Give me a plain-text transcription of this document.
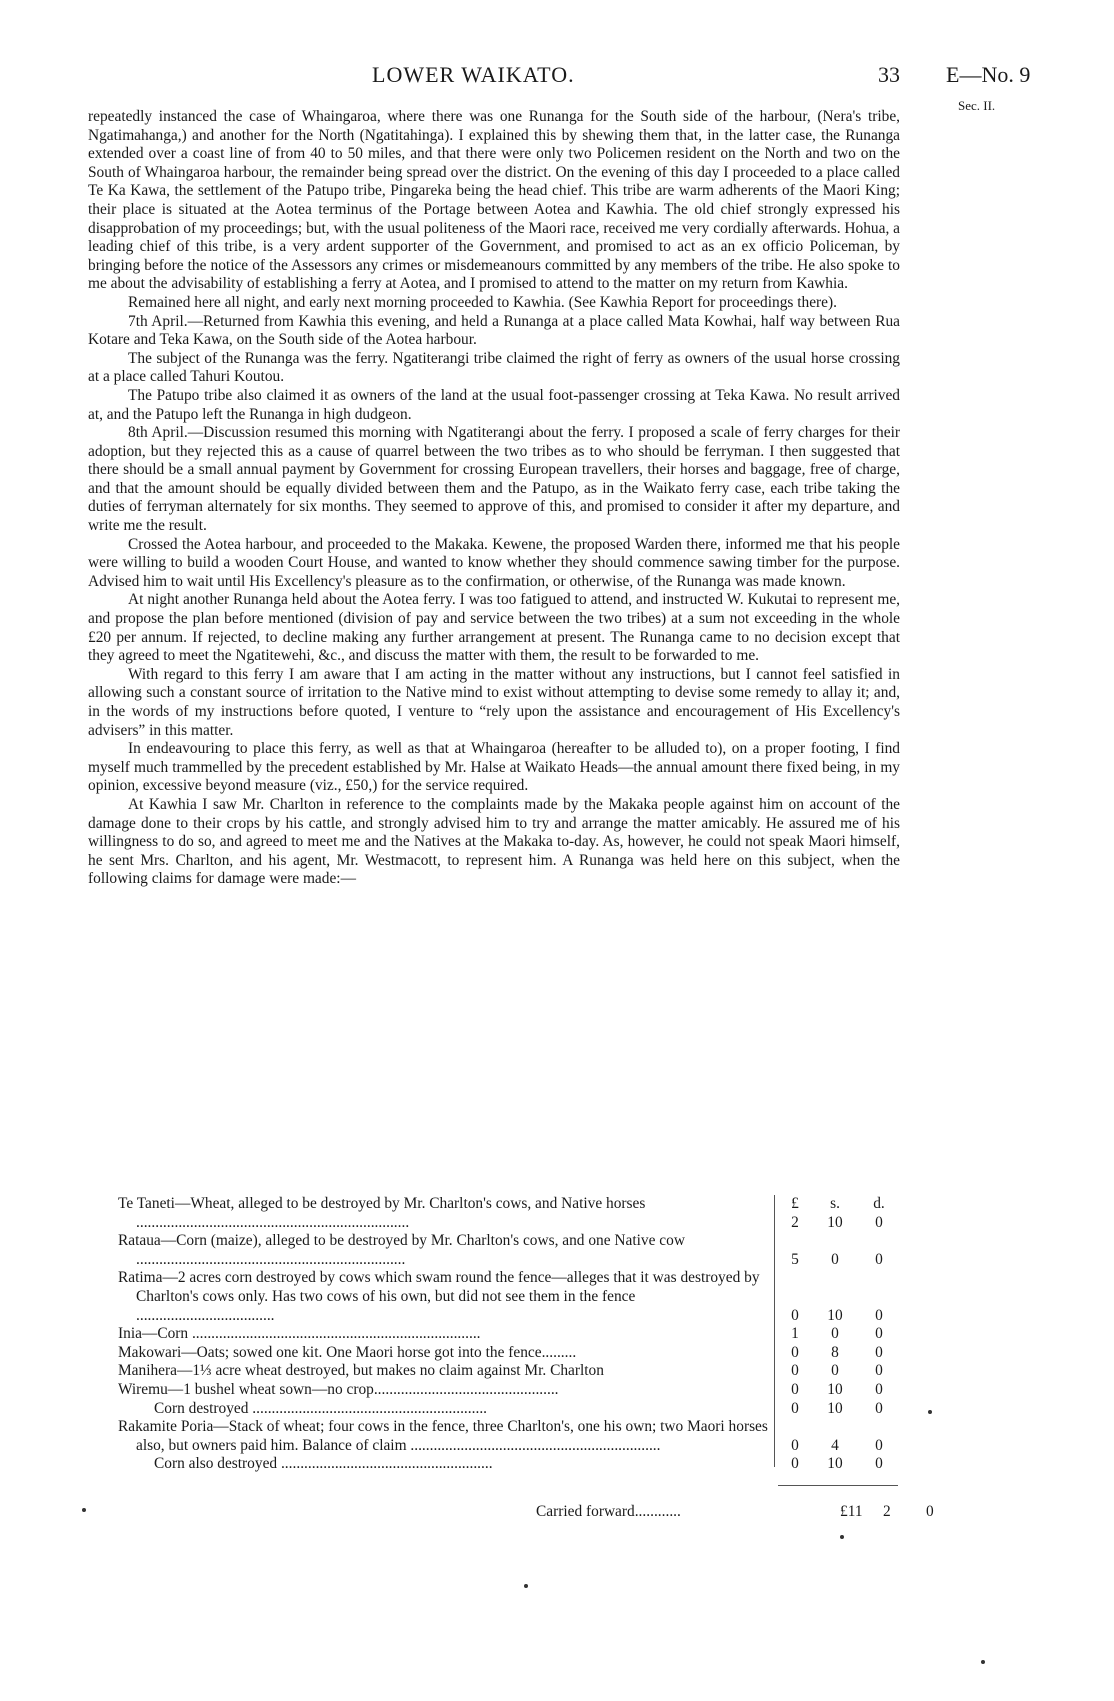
LOWER WAIKATO.	33 E—No. 9
Sec. II.

repeatedly instanced the case of Whaingaroa, where there was one Runanga for the South side of the harbour, (Nera's tribe, Ngatimahanga,) and another for the North (Ngatitahinga). I explained this by shewing them that, in the latter case, the Runanga extended over a coast line of from 40 to 50 miles, and that there were only two Policemen resident on the North and two on the South of Whaingaroa harbour, the remainder being spread over the district. On the evening of this day I proceeded to a place called Te Ka Kawa, the settlement of the Patupo tribe, Pingareka being the head chief. This tribe are warm adherents of the Maori King; their place is situated at the Aotea terminus of the Portage between Aotea and Kawhia. The old chief strongly expressed his disapprobation of my proceedings; but, with the usual politeness of the Maori race, received me very cordially afterwards. Hohua, a leading chief of this tribe, is a very ardent supporter of the Government, and promised to act as an ex officio Policeman, by bringing before the notice of the Assessors any crimes or misdemeanours committed by any members of the tribe. He also spoke to me about the advisability of establishing a ferry at Aotea, and I promised to attend to the matter on my return from Kawhia.

Remained here all night, and early next morning proceeded to Kawhia. (See Kawhia Report for proceedings there).

7th April.—Returned from Kawhia this evening, and held a Runanga at a place called Mata Kowhai, half way between Rua Kotare and Teka Kawa, on the South side of the Aotea harbour.

The subject of the Runanga was the ferry. Ngatiterangi tribe claimed the right of ferry as owners of the usual horse crossing at a place called Tahuri Koutou.

The Patupo tribe also claimed it as owners of the land at the usual foot-passenger crossing at Teka Kawa. No result arrived at, and the Patupo left the Runanga in high dudgeon.

8th April.—Discussion resumed this morning with Ngatiterangi about the ferry. I proposed a scale of ferry charges for their adoption, but they rejected this as a cause of quarrel between the two tribes as to who should be ferryman. I then suggested that there should be a small annual payment by Government for crossing European travellers, their horses and baggage, free of charge, and that the amount should be equally divided between them and the Patupo, as in the Waikato ferry case, each tribe taking the duties of ferryman alternately for six months. They seemed to approve of this, and promised to consider it after my departure, and write me the result.

Crossed the Aotea harbour, and proceeded to the Makaka. Kewene, the proposed Warden there, informed me that his people were willing to build a wooden Court House, and wanted to know whether they should commence sawing timber for the purpose. Advised him to wait until His Excellency's pleasure as to the confirmation, or otherwise, of the Runanga was made known.

At night another Runanga held about the Aotea ferry. I was too fatigued to attend, and instructed W. Kukutai to represent me, and propose the plan before mentioned (division of pay and service between the two tribes) at a sum not exceeding in the whole £20 per annum. If rejected, to decline making any further arrangement at present. The Runanga came to no decision except that they agreed to meet the Ngatitewehi, &c., and discuss the matter with them, the result to be forwarded to me.

With regard to this ferry I am aware that I am acting in the matter without any instructions, but I cannot feel satisfied in allowing such a constant source of irritation to the Native mind to exist without attempting to devise some remedy to allay it; and, in the words of my instructions before quoted, I venture to “rely upon the assistance and encouragement of His Excellency's advisers” in this matter.

In endeavouring to place this ferry, as well as that at Whaingaroa (hereafter to be alluded to), on a proper footing, I find myself much trammelled by the precedent established by Mr. Halse at Waikato Heads—the annual amount there fixed being, in my opinion, excessive beyond measure (viz., £50,) for the service required.

At Kawhia I saw Mr. Charlton in reference to the complaints made by the Makaka people against him on account of the damage done to their crops by his cattle, and strongly advised him to try and arrange the matter amicably. He assured me of his willingness to do so, and agreed to meet me and the Natives at the Makaka to-day. As, however, he could not speak Maori himself, he sent Mrs. Charlton, and his agent, Mr. Westmacott, to represent him. A Runanga was held here on this subject, when the following claims for damage were made:—

£	s.	d.
Te Taneti—Wheat, alleged to be destroyed by Mr. Charlton's cows, and Native horses .......................................................................	2	10	0
Rataua—Corn (maize), alleged to be destroyed by Mr. Charlton's cows, and one Native cow ......................................................................	5	0	0
Ratima—2 acres corn destroyed by cows which swam round the fence—alleges that it was destroyed by Charlton's cows only. Has two cows of his own, but did not see them in the fence ....................................	0	10	0
Inia—Corn ...........................................................................	1	0	0
Makowari—Oats; sowed one kit. One Maori horse got into the fence.........	0	8	0
Manihera—1⅓ acre wheat destroyed, but makes no claim against Mr. Charlton	0	0	0
Wiremu—1 bushel wheat sown—no crop................................................	0	10	0
Corn destroyed .............................................................	0	10	0
Rakamite Poria—Stack of wheat; four cows in the fence, three Charlton's, one his own; two Maori horses also, but owners paid him. Balance of claim .................................................................	0	4	0
Corn also destroyed .......................................................	0	10	0
Carried forward............	£11 2 0
